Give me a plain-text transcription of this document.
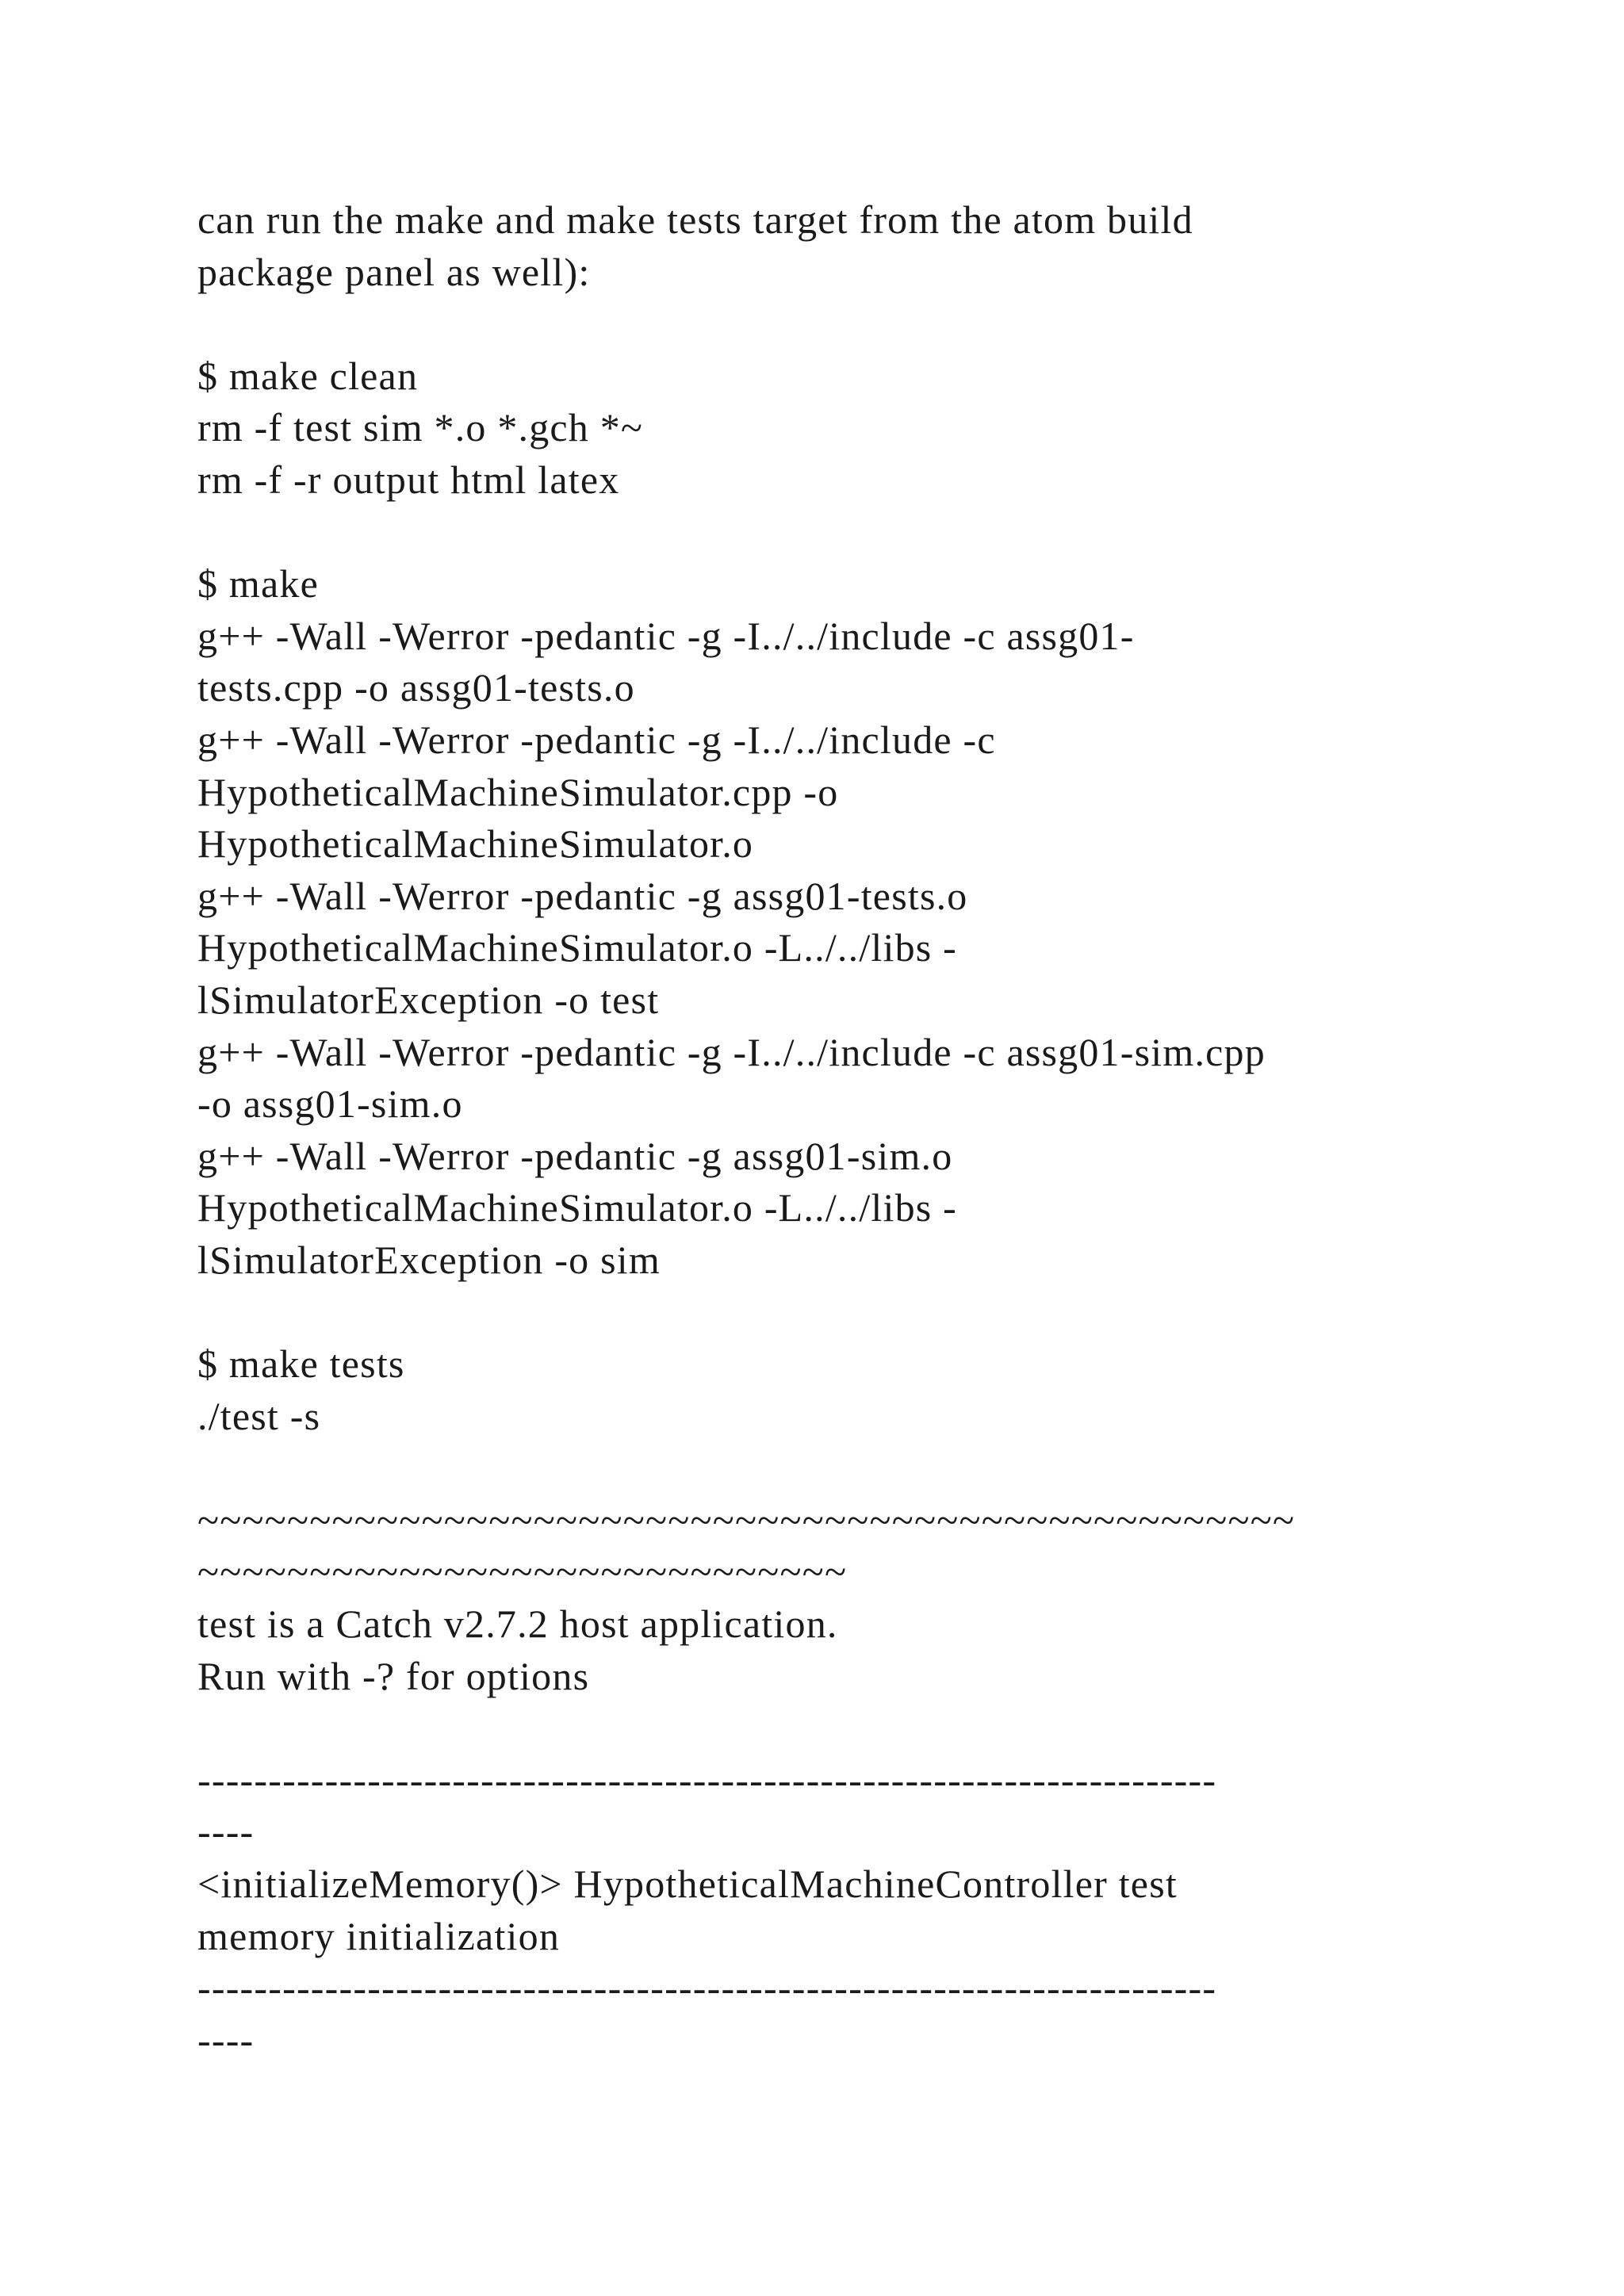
can run the make and make tests target from the atom build
package panel as well):
$ make clean
rm -f test sim *.o *.gch *~
rm -f -r output html latex
$ make
g++ -Wall -Werror -pedantic -g -I../../include -c assg01-
tests.cpp -o assg01-tests.o
g++ -Wall -Werror -pedantic -g -I../../include -c
HypotheticalMachineSimulator.cpp -o
HypotheticalMachineSimulator.o
g++ -Wall -Werror -pedantic -g assg01-tests.o
HypotheticalMachineSimulator.o -L../../libs -
lSimulatorException -o test
g++ -Wall -Werror -pedantic -g -I../../include -c assg01-sim.cpp
-o assg01-sim.o
g++ -Wall -Werror -pedantic -g assg01-sim.o
HypotheticalMachineSimulator.o -L../../libs -
lSimulatorException -o sim
$ make tests
./test -s
~~~~~~~~~~~~~~~~~~~~~~~~~~~~~~~~~~~~~~~~~~~~~~~~~
~~~~~~~~~~~~~~~~~~~~~~~~~~~~~
test is a Catch v2.7.2 host application.
Run with -? for options
------------------------------------------------------------------------
----
<initializeMemory()> HypotheticalMachineController test
memory initialization
------------------------------------------------------------------------
----
